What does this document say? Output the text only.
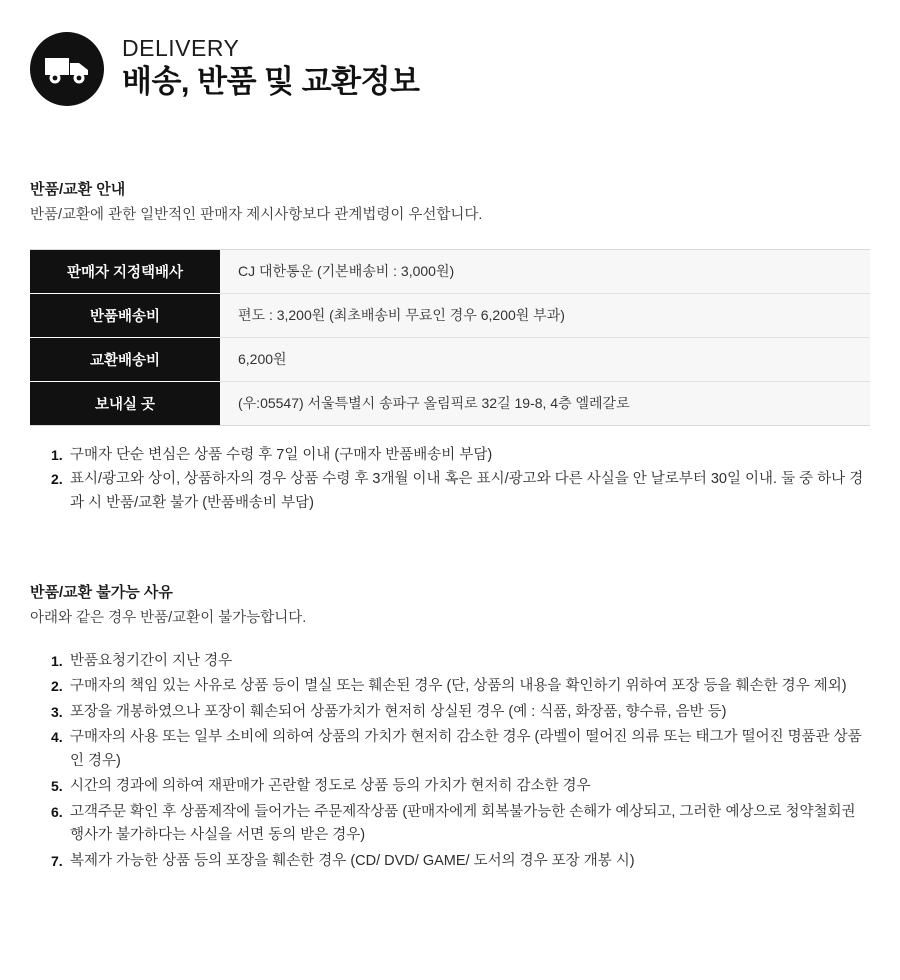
DELIVERY
배송, 반품 및 교환정보
반품/교환 안내

반품/교환에 관한 일반적인 판매자 제시사항보다 관계법령이 우선합니다.

판매자 지정택배사	CJ 대한통운 (기본배송비 : 3,000원)
반품배송비	편도 : 3,200원 (최초배송비 무료인 경우 6,200원 부과)
교환배송비	6,200원
보내실 곳	(우:05547) 서울특별시 송파구 올림픽로 32길 19-8, 4층 엘레갈로
구매자 단순 변심은 상품 수령 후 7일 이내 (구매자 반품배송비 부담)
표시/광고와 상이, 상품하자의 경우 상품 수령 후 3개월 이내 혹은 표시/광고와 다른 사실을 안 날로부터 30일 이내. 둘 중 하나 경과 시 반품/교환 불가 (반품배송비 부담)
반품/교환 불가능 사유

아래와 같은 경우 반품/교환이 불가능합니다.

반품요청기간이 지난 경우
구매자의 책임 있는 사유로 상품 등이 멸실 또는 훼손된 경우 (단, 상품의 내용을 확인하기 위하여 포장 등을 훼손한 경우 제외)
포장을 개봉하였으나 포장이 훼손되어 상품가치가 현저히 상실된 경우 (예 : 식품, 화장품, 향수류, 음반 등)
구매자의 사용 또는 일부 소비에 의하여 상품의 가치가 현저히 감소한 경우 (라벨이 떨어진 의류 또는 태그가 떨어진 명품관 상품인 경우)
시간의 경과에 의하여 재판매가 곤란할 정도로 상품 등의 가치가 현저히 감소한 경우
고객주문 확인 후 상품제작에 들어가는 주문제작상품 (판매자에게 회복불가능한 손해가 예상되고, 그러한 예상으로 청약철회권 행사가 불가하다는 사실을 서면 동의 받은 경우)
복제가 가능한 상품 등의 포장을 훼손한 경우 (CD/ DVD/ GAME/ 도서의 경우 포장 개봉 시)
